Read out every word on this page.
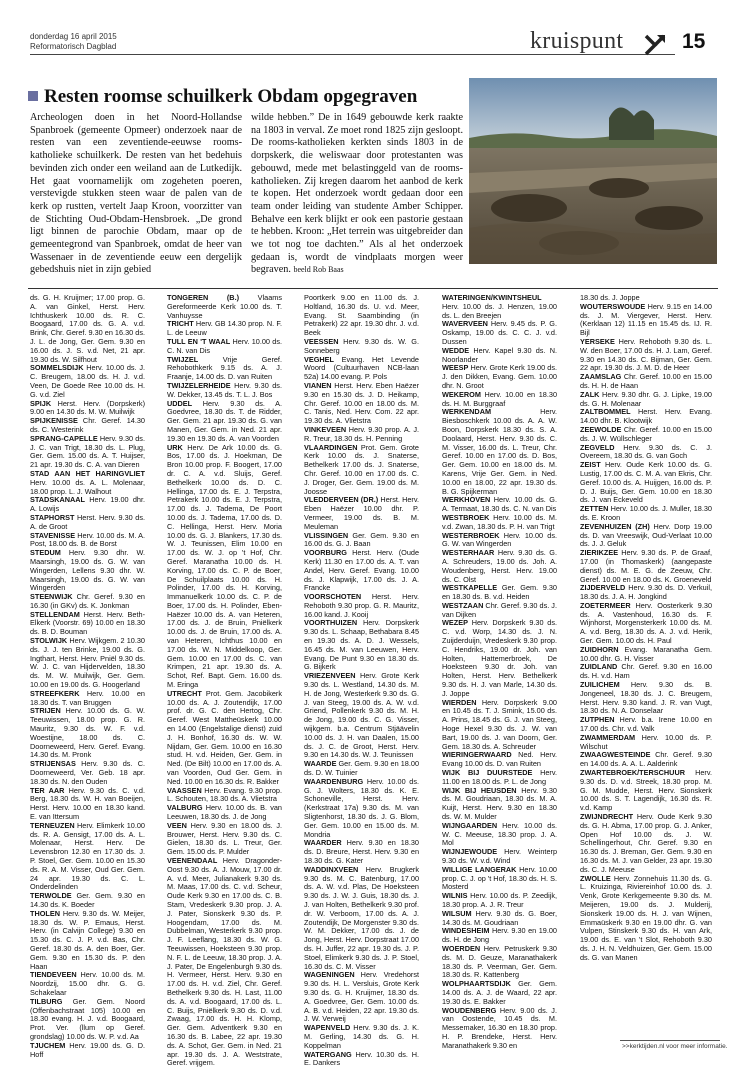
donderdag 16 april 2015
Reformatorisch Dagblad	kruispunt	15
Resten roomse schuilkerk Obdam opgegraven
Archeologen doen in het Noord-Hollandse Spanbroek (gemeente Opmeer) onderzoek naar de resten van een zeventiende-eeuwse rooms-katholieke schuilkerk. De resten van het bedehuis bevinden zich onder een weiland aan de Lutkedijk. Het gaat voornamelijk om zogeheten poeren, verstevigde stukken steen waar de palen van de kerk op rustten, vertelt Jaap Kroon, voorzitter van de Stichting Oud-Obdam-Hensbroek. „De grond ligt binnen de parochie Obdam, maar op de gemeentegrond van Spanbroek, omdat de heer van Wassenaer in de zeventiende eeuw een dergelijk gebedshuis niet in zijn gebied
wilde hebben.” De in 1649 gebouwde kerk raakte na 1803 in verval. Ze moet rond 1825 zijn gesloopt. De rooms-katholieken kerkten sinds 1803 in de dorpskerk, die weliswaar door protestanten was gebouwd, mede met belastinggeld van de rooms-katholieken. Zij kregen daarom het aanbod de kerk te kopen. Het onderzoek wordt gedaan door een team onder leiding van studente Amber Schipper. Behalve een kerk blijkt er ook een pastorie gestaan te hebben. Kroon: „Het terrein was uitgebreider dan we tot nog toe dachten.” Als al het onderzoek gedaan is, wordt de vindplaats morgen weer begraven. beeld Rob Baas

ds. G. H. Kruijmer; 17.00 prop. G. A. van Ginkel, Herst. Herv. Ichthuskerk 10.00 ds. R. C. Boogaard, 17.00 ds. G. A. v.d. Brink, Chr. Geref. 9.30 en 16.30 ds. J. L. de Jong, Ger. Gem. 9.30 en 16.00 ds. J. S. v.d. Net, 21 apr. 19.30 ds. W. Silfhout

SOMMELSDIJK Herv. 10.00 ds. J. C. Breugem, 18.00 ds. H. J. v.d. Veen, De Goede Ree 10.00 ds. H. G. v.d. Ziel

SPIJK Herst. Herv. (Dorpskerk) 9.00 en 14.30 ds. M. W. Muilwijk

SPIJKENISSE Chr. Geref. 14.30 ds. C. Westerink

SPRANG-CAPELLE Herv. 9.30 ds. J. C. van Trigt, 18.30 ds. L. Plug, Ger. Gem. 15.00 ds. A. T. Huijser, 21 apr. 19.30 ds. C. A. van Dieren

STAD AAN HET HARINGVLIET Herv. 10.00 ds. A. L. Molenaar, 18.00 prop. L. J. Walhout

STADSKANAAL Herv. 19.00 dhr. A. Lowijs

STAPHORST Herst. Herv. 9.30 ds. A. de Groot

STAVENISSE Herv. 10.00 ds. M. A. Post, 18.00 ds. B. de Borst

STEDUM Herv. 9.30 dhr. W. Maarsingh, 19.00 ds. G. W. van Wingerden, Lellens 9.30 dhr. W. Maarsingh, 19.00 ds. G. W. van Wingerden

STEENWIJK Chr. Geref. 9.30 en 16.30 (in GKv) ds. K. Jonkman

STELLENDAM Herst. Herv. Beth-Elkerk (Voorstr. 69) 10.00 en 18.30 ds. B. D. Bouman

STOLWIJK Herv. Wijkgem. 2 10.30 ds. J. J. ten Brinke, 19.00 ds. G. Ingthart, Herst. Herv. Pniël 9.30 ds. W. J. C. van Hijdervelden, 18.30 ds. M. W. Muilwijk, Ger. Gem. 10.00 en 19.00 ds. G. Hoogerland

STREEFKERK Herv. 10.00 en 18.30 ds. T. van Bruggen

STRIJEN Herv. 10.00 ds. G. W. Teeuwissen, 18.00 prop. G. R. Mauritz, 9.30 ds. W. F. v.d. Woestijne, 18.00 ds. C. Doorneweerd, Herv. Geref. Evang. 14.30 ds. M. Pronk

STRIJENSAS Herv. 9.30 ds. C. Doorneweerd, Ver. Geb. 18 apr. 18.30 ds. N. den Ouden

TER AAR Herv. 9.30 ds. C. v.d. Berg, 18.30 ds. W. H. van Boeijen, Herst. Herv. 10.00 en 18.30 kand. E. van Ittersum

TERNEUZEN Herv. Elimkerk 10.00 ds. R. A. Gensigt, 17.00 ds. A. L. Molenaar, Herst. Herv. De Levensbron 12.30 en 17.30 ds. J. P. Stoel, Ger. Gem. 10.00 en 15.30 ds. R. A. M. Visser, Oud Ger. Gem. 24 apr. 19.30 ds. C. L. Onderdelinden

TERWOLDE Ger. Gem. 9.30 en 14.30 ds. K. Boeder

THOLEN Herv. 9.30 ds. W. Meijer, 18.30 ds. W. P. Emaus, Herst. Herv. (in Calvijn College) 9.30 en 15.30 ds. C. J. P. v.d. Bas, Chr. Geref. 18.30 ds. A. den Boer, Ger. Gem. 9.30 en 15.30 ds. P. den Haan

TIENDEVEEN Herv. 10.00 ds. M. Noordzij, 15.00 dhr. G. G. Schakelaar

TILBURG Ger. Gem. Noord (Offenbachstraat 105) 10.00 en 18.30 evang. H. J. v.d. Boogaard, Prot. Ver. (llum op Geref. grondslag) 10.00 ds. W. P. v.d. Aa

TJUCHEM Herv. 19.00 ds. G. D. Hoff

TONGEREN (B.) Vlaams Gereformeerde Kerk 10.00 ds. T. Vanhuysse

TRICHT Herv. GB 14.30 prop. N. F. L. de Leeuw

TULL EN 'T WAAL Herv. 10.00 ds. C. N. van Dis

TWIJZEL Vrije Geref. Rehobothkerk 9.15 ds. A. J. Fraanje, 14.00 ds. D. van Ruiten

TWIJZELERHEIDE Herv. 9.30 ds. W. Dekker, 13.45 ds. T. L. J. Bos

UDDEL Herv. 9.30 ds. A. Goedvree, 18.30 ds. T. de Ridder, Ger. Gem. 21 apr. 19.30 ds. G. van Manen, Ger. Gem. in Ned. 21 apr. 19.30 en 19.30 ds. A. van Voorden

URK Herv. De Ark 10.00 ds. G. Bos, 17.00 ds. J. Hoekman, De Bron 10.00 prop. F. Boogert, 17.00 dr. C. A. v.d. Sluijs, Geref. Bethelkerk 10.00 ds. D. C. Hellinga, 17.00 ds. E. J. Terpstra, Petrakerk 10.00 ds. E. J. Terpstra, 17.00 ds. J. Tadema, De Poort 10.00 ds. J. Tadema, 17.00 ds. D. C. Hellinga, Herst. Herv. Moria 10.00 ds. G. J. Blankers, 17.30 ds. W. J. Teunissen, Elim 10.00 en 17.00 ds. W. J. op 't Hof, Chr. Geref. Maranatha 10.00 ds. H. Korving, 17.00 ds. C. P. de Boer, De Schuilplaats 10.00 ds. H. Polinder, 17.00 ds. H. Korving, Immanuelkerk 10.00 ds. C. P. de Boer, 17.00 ds. H. Polinder, Eben-Haëzer 10.00 ds. A. van Heteren, 17.00 ds. J. de Bruin, Pniëlkerk 10.00 ds. J. de Bruin, 17.00 ds. A. van Heteren, Ichthus 10.00 en 17.00 ds. W. N. Middelkoop, Ger. Gem. 10.00 en 17.00 ds. C. van Krimpen, 21 apr. 19.30 ds. A. Schot, Ref. Bapt. Gem. 16.00 ds. M. Eringa

UTRECHT Prot. Gem. Jacobikerk 10.00 ds. A. J. Zoutendijk, 17.00 prof. dr. G. C. den Hertog, Chr. Geref. West Mattheüskerk 10.00 en 14.00 (Engelstalige dienst) zuid J. H. Bonhof, 16.30 ds. W. W. Nijdam, Ger. Gem. 10.00 en 16.30 stud. H. v.d. Heiden, Ger. Gem. in Ned. (De Bilt) 10.00 en 17.00 ds. A. van Voorden, Oud Ger. Gem. in Ned. 10.00 en 16.30 ds. R. Bakker

VAASSEN Herv. Evang. 9.30 prop. L. Schouten, 18.30 ds. A. Vlietstra

VALBURG Herv. 10.00 ds. B. van Leeuwen, 18.30 ds. J. de Jong

VEEN Herv. 9.30 en 18.00 ds. J. Brouwer, Herst. Herv. 9.30 ds. C. Gielen, 18.30 ds. L. Treur, Ger. Gem. 15.00 ds. P. Mulder

VEENENDAAL Herv. Dragonder-Oost 9.30 ds. A. J. Mouw, 17.00 dr. A. v.d. Meer, Julianakerk 9.30 ds. M. Maas, 17.00 ds. C. v.d. Scheur, Oude Kerk 9.30 en 17.00 ds. C. B. Stam, Vredeskerk 9.30 prop. J. A. J. Pater, Sionskerk 9.30 ds. P. Hoogendam, 17.00 ds. M. Dubbelman, Westerkerk 9.30 prop. J. F. Leeflang, 18.30 ds. W. G. Teeuwissen, Hoeksteen 9.30 prop. N. F. L. de Leeuw, 18.30 prop. J. A. J. Pater, De Engelenburgh 9.30 ds. H. Vermeer, Herst. Herv. 9.30 en 17.00 ds. H. v.d. Ziel, Chr. Geref. Bethelkerk 9.30 ds. H. Last, 11.00 ds. A. v.d. Boogaard, 17.00 ds. L. C. Buijs, Pniëlkerk 9.30 ds. D. v.d. Zwaag, 17.00 ds. H. H. Klomp, Ger. Gem. Adventkerk 9.30 en 16.30 ds. B. Labee, 22 apr. 19.30 ds. A. Schot, Ger. Gem. in Ned. 21 apr. 19.30 ds. J. A. Weststrate, Geref. vrijgem.

Poortkerk 9.00 en 11.00 ds. J. Holtland, 16.30 ds. U. v.d. Meer, Evang. St. Saambinding (in Petrakerk) 22 apr. 19.30 dhr. J. v.d. Beek

VEESSEN Herv. 9.30 ds. W. G. Sonneberg

VEGHEL Evang. Het Levende Woord (Cultuurhaven NCB-laan 52a) 14.00 evang. P. Pols

VIANEN Herst. Herv. Eben Haëzer 9.30 en 15.30 ds. J. D. Heikamp, Chr. Geref. 10.00 en 18.00 ds. M. C. Tanis, Ned. Herv. Com. 22 apr. 19.30 ds. A. Vlietstra

VINKEVEEN Herv. 9.30 prop. A. J. R. Treur, 18.30 ds. H. Penning

VLAARDINGEN Prot. Gem. Grote Kerk 10.00 ds. J. Snaterse, Bethelkerk 17.00 ds. J. Snaterse, Chr. Geref. 10.00 en 17.00 ds. C. J. Droger, Ger. Gem. 19.00 ds. M. Joosse

VLEDDERVEEN (DR.) Herst. Herv. Eben Haëzer 10.00 dhr. P. Vermeer, 19.00 ds. B. M. Meuleman

VLISSINGEN Ger. Gem. 9.30 en 16.00 ds. G. J. Baan

VOORBURG Herst. Herv. (Oude Kerk) 11.30 en 17.00 ds. A. T. van Andel, Herv. Geref. Evang. 10.00 ds. J. Klapwijk, 17.00 ds. J. A. Francke

VOORSCHOTEN Herst. Herv. Rehoboth 9.30 prop. G. R. Mauritz, 16.00 kand. J. Kooij

VOORTHUIZEN Herv. Dorpskerk 9.30 ds. L. Schaap, Bethabara 8.45 en 19.30 ds. A. D. J. Wessels, 16.45 ds. M. van Leeuwen, Herv. Evang. De Punt 9.30 en 18.30 ds. G. Bijkerk

VRIEZENVEEN Herv. Grote Kerk 9.30 ds. L. Westland, 14.30 ds. M. H. de Jong, Westerkerk 9.30 ds. G. J. van Steeg, 19.00 ds. A. W. v.d. Griend, Pollenkerk 9.30 ds. M. H. de Jong, 19.00 ds. C. G. Visser, wijkgem. b.a. Centrum Stjäävelin 10.00 ds. J. H. van Daalen, 15.00 ds. J. C. de Groot, Herst. Herv. 9.30 en 14.30 ds. W. J. Teunissen

WAARDE Ger. Gem. 9.30 en 18.00 ds. D. W. Tuinier

WAARDENBURG Herv. 10.00 ds. G. J. Wolters, 18.30 ds. K. E. Schoneville, Herst. Herv. (Kerkstraat 17a) 9.30 ds. M. van Sligtenhorst, 18.30 ds. J. G. Blom, Ger. Gem. 10.00 en 15.00 ds. M. Mondria

WAARDER Herv. 9.30 en 18.30 ds. D. Breure, Herst. Herv. 9.30 en 18.30 ds. G. Kater

WADDINXVEEN Herv. Brugkerk 9.30 ds. M. C. Batenburg, 17.00 ds. A. W. v.d. Plas, De Hoeksteen 9.30 ds. J. W. J. Guis, 18.30 ds. J. J. van Holten, Bethelkerk 9.30 prof. dr. W. Verboom, 17.00 ds. A. J. Zoutendijk, De Morgenster 9.30 ds. W. M. Dekker, 17.00 ds. J. de Jong, Herst. Herv. Dorpstraat 17.00 ds. H. Juffer, 22 apr. 19.30 ds. J. P. Stoel, Elimkerk 9.30 ds. J. P. Stoel, 16.30 ds. C. M. Visser

WAGENINGEN Herv. Vredehorst 9.30 ds. H. L. Versluis, Grote Kerk 9.30 ds. G. H. Kruijmer, 18.30 ds. A. Goedvree, Ger. Gem. 10.00 ds. A. B. v.d. Heiden, 22 apr. 19.30 ds. J. W. Verweij

WAPENVELD Herv. 9.30 ds. J. K. M. Gerling, 14.30 ds. G. H. Koppelman

WATERGANG Herv. 10.30 ds. H. E. Dankers

WATERINGEN/KWINTSHEUL Herv. 10.00 ds. J. Henzen, 19.00 ds. L. den Breejen

WAVERVEEN Herv. 9.45 ds. P. G. Oskamp, 19.00 ds. C. C. J. v.d. Dussen

WEDDE Herv. Kapel 9.30 ds. N. Noorlander

WEESP Herv. Grote Kerk 19.00 ds. J. den Dikken, Evang. Gem. 10.00 dhr. N. Groot

WEKEROM Herv. 10.00 en 18.30 ds. H. M. Burggraaf

WERKENDAM Herv. Biesboschkerk 10.00 ds. A. A. W. Boon, Dorpskerk 18.30 ds. S. A. Doolaard, Herst. Herv. 9.30 ds. C. M. Visser, 16.00 ds. L. Treur, Chr. Geref. 10.00 en 17.00 ds. D. Bos, Ger. Gem. 10.00 en 18.00 ds. M. Karens, Vrije Ger. Gem. in Ned. 10.00 en 18.00, 22 apr. 19.30 ds. B. G. Spijkerman

WERKHOVEN Herv. 10.00 ds. G. A. Termaat, 18.30 ds. C. N. van Dis

WESTBROEK Herv. 10.00 ds. M. v.d. Zwan, 18.30 ds. P. H. van Trigt

WESTERBROEK Herv. 10.00 ds. G. W. van Wingerden

WESTERHAAR Herv. 9.30 ds. G. A. Schreuders, 19.00 ds. Joh. A. Woudenberg, Herst. Herv. 19.00 ds. C. Olst

WESTKAPELLE Ger. Gem. 9.30 en 18.30 ds. B. v.d. Heiden

WESTZAAN Chr. Geref. 9.30 ds. J. van Dijken

WEZEP Herv. Dorpskerk 9.30 ds. C. v.d. Worp, 14.30 ds. J. N. Zuijderduijn, Vredeskerk 9.30 prop. C. Hendriks, 19.00 dr. Joh. van Holten, Hattemerbroek, De Hoeksteen 9.30 dr. Joh. van Holten, Herst. Herv. Bethelkerk 9.30 ds. H. J. van Marle, 14.30 ds. J. Joppe

WIERDEN Herv. Dorpskerk 9.00 en 10.45 ds. T. J. Smink, 15.00 ds. A. Prins, 18.45 ds. G. J. van Steeg, Hoge Hexel 9.30 ds. J. W. van Bart, 19.00 ds. J. van Doorn, Ger. Gem. 18.30 ds. A. Schreuder

WIERINGERWAARD Ned. Herv. Evang 10.00 ds. D. van Ruiten

WIJK BIJ DUURSTEDE Herv. 11.00 en 18.00 ds. P. L. de Jong

WIJK BIJ HEUSDEN Herv. 9.30 ds. M. Goudriaan, 18.30 ds. M. A. Kuijt, Herst. Herv. 9.30 en 18.30 ds. W. M. Mulder

WIJNGAARDEN Herv. 10.00 ds. W. C. Meeuse, 18.30 prop. J. A. Mol

WIJNJEWOUDE Herv. Weinterp 9.30 ds. W. v.d. Wind

WILLIGE LANGERAK Herv. 10.00 prop. C. J. op 't Hof, 18.30 ds. H. S. Mosterd

WILNIS Herv. 10.00 ds. P. Zeedijk, 18.30 prop. A. J. R. Treur

WILSUM Herv. 9.30 ds. G. Boer, 14.30 ds. M. Goudriaan

WINDESHEIM Herv. 9.30 en 19.00 ds. H. de Jong

WOERDEN Herv. Petruskerk 9.30 ds. M. D. Geuze, Maranathakerk 18.30 ds. P. Veerman, Ger. Gem. 18.30 ds. R. Kattenberg

WOLPHAARTSDIJK Ger. Gem. 14.00 ds. A. J. de Waard, 22 apr. 19.30 ds. E. Bakker

WOUDENBERG Herv. 9.00 ds. J. van Oostende, 10.45 ds. M. Messemaker, 16.30 en 18.30 prop. H. P. Brendeke, Herst. Herv. Maranathakerk 9.30 en

18.30 ds. J. Joppe

WOUTERSWOUDE Herv. 9.15 en 14.00 ds. J. M. Viergever, Herst. Herv. (Kerklaan 12) 11.15 en 15.45 ds. IJ. R. Bijl

YERSEKE Herv. Rehoboth 9.30 ds. L. W. den Boer, 17.00 ds. H. J. Lam, Geref. 9.30 en 14.30 ds. C. Bijman, Ger. Gem. 22 apr. 19.30 ds. J. M. D. de Heer

ZAAMSLAG Chr. Geref. 10.00 en 15.00 ds. H. H. de Haan

ZALK Herv. 9.30 dhr. G. J. Lipke, 19.00 ds. G. H. Molenaar

ZALTBOMMEL Herst. Herv. Evang. 14.00 dhr. B. Klootwijk

ZEEWOLDE Chr. Geref. 10.00 en 15.00 ds. J. W. Wüllschleger

ZEGVELD Herv. 9.30 ds. C. J. Overeem, 18.30 ds. G. van Goch

ZEIST Herv. Oude Kerk 10.00 ds. G. Lustig, 17.00 ds. C. M. A. van Ekris, Chr. Geref. 10.00 ds. A. Huijgen, 16.00 ds. P. D. J. Buijs, Ger. Gem. 10.00 en 18.30 ds. J. van Eckeveld

ZETTEN Herv. 10.00 ds. J. Muller, 18.30 ds. E. Kroon

ZEVENHUIZEN (ZH) Herv. Dorp 19.00 ds. D. van Vreeswijk, Oud-Verlaat 10.00 ds. J. J. Geluk

ZIERIKZEE Herv. 9.30 ds. P. de Graaf, 17.00 (in Thomaskerk) (aangepaste dienst) ds. M. E. G. de Zeeuw, Chr. Geref. 10.00 en 18.00 ds. K. Groeneveld

ZIJDERVELD Herv. 9.30 ds. D. Verkuil, 18.30 ds. J. A. H. Jongkind

ZOETERMEER Herv. Oosterkerk 9.30 ds. A. Vastenhoud, 16.30 ds. F. Wijnhorst, Morgensterkerk 10.00 ds. M. A. v.d. Berg, 18.30 ds. A. J. v.d. Herik, Ger. Gem. 10.00 ds. H. Paul

ZUIDHORN Evang. Maranatha Gem. 10.00 dhr. G. H. Visser

ZUIDLAND Chr. Geref. 9.30 en 16.00 ds. H. v.d. Ham

ZUILICHEM Herv. 9.30 ds. B. Jongeneel, 18.30 ds. J. C. Breugem, Herst. Herv. 9.30 kand. J. R. van Vugt, 18.30 ds. N. A. Donselaar

ZUTPHEN Herv. b.a. Irene 10.00 en 17.00 ds. Chr. v.d. Valk

ZWAMMERDAM Herv. 10.00 ds. P. Wilschut

ZWAAGWESTEINDE Chr. Geref. 9.30 en 14.00 ds. A. A. L. Aalderink

ZWARTEBROEK/TERSCHUUR Herv. 9.30 ds. D. v.d. Streek, 18.30 prop. M. G. M. Mudde, Herst. Herv. Sionskerk 10.00 ds. S. T. Lagendijk, 16.30 ds. R. v.d. Kamp

ZWIJNDRECHT Herv. Oude Kerk 9.30 ds. G. H. Abma, 17.00 prop. G. J. Anker, Open Hof 10.00 ds. J. W. Schellingerhout, Chr. Geref. 9.30 en 16.30 ds. J. Breman, Ger. Gem. 9.30 en 16.30 ds. M. J. van Gelder, 23 apr. 19.30 ds. C. J. Meeuse

ZWOLLE Herv. Zonnehuis 11.30 ds. G. L. Kruizinga, Riviereinhof 10.00 ds. J. Venk, Grote Kerkgemeente 9.30 ds. M. Meijeren, 19.00 ds. J. Mulderij, Sionskerk 19.00 ds. H. J. van Wijnen, Emmaüskerk 9.30 en 19.00 dhr. G. van Vulpen, Stinskerk 9.30 ds. H. van Ark, 19.00 ds. E. van 't Slot, Rehoboth 9.30 ds. J. H. N. Veldhuizen, Ger. Gem. 15.00 ds. G. van Manen

>>kerktijden.nl voor meer informatie.
